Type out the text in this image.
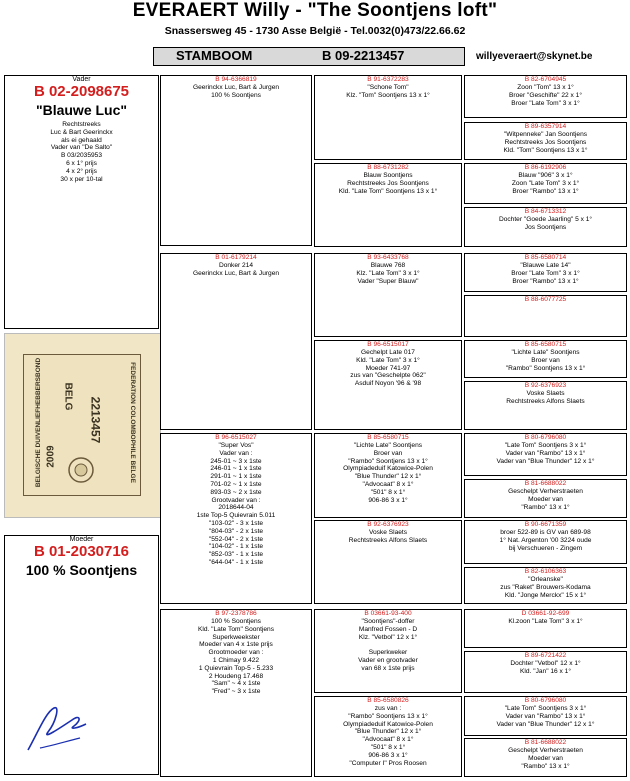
EVERAERT Willy - "The Soontjens loft"
Snassersweg 45 - 1730 Asse België - Tel.0032(0)473/22.66.62
STAMBOOM	B 09-2213457	willyeveraert@skynet.be
Vader
B 02-2098675
"Blauwe Luc"
Rechtstreeks
Luc & Bart Geerinckx
als ei gehaald
Vader van "De Salto"
B 03/2035953
6 x 1° prijs
4 x 2° prijs
30 x per 10-tal
BELGISCHE DUIVENLIEFHEBBERSBOND	FEDERATION COLOMBOPHILE BELGE
BELG
2009
2213457
Moeder
B 01-2030716
100 % Soontjens
B 94-6366819
Geerinckx Luc, Bart & Jurgen
100 % Soontjens
B 01-6179214
Donker 214
Geerinckx Luc, Bart & Jurgen
B 96-6515027
"Super Vos"
Vader van :
245-01 ~ 3 x 1ste
246-01 ~ 1 x 1ste
291-01 ~ 1 x 1ste
701-02 ~ 1 x 1ste
893-03 ~ 2 x 1ste
Grootvader van :
2018644-04
1ste Top-5 Quievrain 5.011
"103-02" - 3 x 1ste
"804-03" - 2 x 1ste
"552-04" - 2 x 1ste
"104-02" - 1 x 1ste
"852-03" - 1 x 1ste
"644-04" - 1 x 1ste
B 97-2378786
100 % Soontjens
Kld. "Late Tom" Soontjens
Superkweekster
Moeder van 4 x 1ste prijs
Grootmoeder van :
1 Chimay 9.422
1 Quievrain Top-5 - 5.233
2 Houdeng 17.468
"Sam" ~ 4 x 1ste
"Fred" ~ 3 x 1ste
B 91-6372283
"Schone Tom"
Klz. "Tom" Soontjens 13 x 1°
B 88-6731282
Blauw Soontjens
Rechtstreeks Jos Soontjens
Kld. "Late Tom" Soontjens 13 x 1°
B 93-6433768
Blauwe 768
Klz. "Late Tom" 3 x 1°
Vader "Super Blauw"
B 96-6515017
Gechelpt Late 017
Kld. "Late Tom" 3 x 1°
Moeder 741-97
zus van "Geschelpte 062"
Asduif Noyon '96 & '98
B 85-6580715
"Lichte Late" Soontjens
Broer van
"Rambo" Soontjens 13 x 1°
Olympiadeduif Katowice-Polen
"Blue Thunder" 12 x 1°
"Advocaat" 8 x 1°
"501" 8 x 1°
906-86 3 x 1°
B 92-6376923
Voske Slaets
Rechtstreeks Alfons Slaets
B 03661-93-400
"Soontjens"-doffer
Manfred Fossen - D
Klz. "Vetbol" 12 x 1°

Superkweker
Vader en grootvader
van 68 x 1ste prijs
B 85-6580826
zus van :
"Rambo" Soontjens 13 x 1°
Olympiadeduif Katowice-Polen
"Blue Thunder" 12 x 1°
"Advocaat" 8 x 1°
"501" 8 x 1°
906-86 3 x 1°
"Computer I" Pros Roosen
B 82-6704945
Zoon "Tom" 13 x 1°
Broer "Geschifte" 22 x 1°
Broer "Late Tom" 3 x 1°
B 89-6357914
"Witpenneke" Jan Soontjens
Rechtstreeks Jos Soontjens
Kld. "Tom" Soontjens 13 x 1°
B 86-6192906
Blauw "906" 3 x 1°
Zoon "Late Tom" 3 x 1°
Broer "Rambo" 13 x 1°
B 84-6713312
Dochter "Goede Jaarling" 5 x 1°
Jos Soontjens
B 85-6580714
"Blauwe Late 14"
Broer "Late Tom" 3 x 1°
Broer "Rambo" 13 x 1°
B 88-6077725
B 85-6580715
"Lichte Late" Soontjens
Broer van
"Rambo" Soontjens 13 x 1°
B 92-6376923
Voske Slaets
Rechtstreeks Alfons Slaets
B 80-6796080
"Late Tom" Soontjens 3 x 1°
Vader van "Rambo" 13 x 1°
Vader van "Blue Thunder" 12 x 1°
B 81-6688022
Geschelpt Verherstraeten
Moeder van
"Rambo" 13 x 1°
B 90-6671359
broer 522-89 is GV van 689-98
1° Nat. Argenton '00 3224 oude
bij Verschueren - Zingem
B 82-6106363
"Orleanske"
zus "Raket" Brouwers-Kodama
Kld. "Jonge Merckx" 15 x 1°
D 03661-92-699
Kl.zoon "Late Tom" 3 x 1°
B 89-6721422
Dochter "Vetbol" 12 x 1°
Kld. "Jan" 16 x 1°
B 80-6796080
"Late Tom" Soontjens 3 x 1°
Vader van "Rambo" 13 x 1°
Vader van "Blue Thunder" 12 x 1°
B 81-6688022
Geschelpt Verherstraeten
Moeder van
"Rambo" 13 x 1°
